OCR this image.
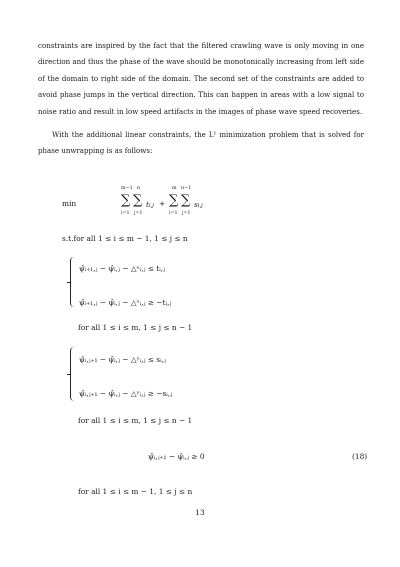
constraints are inspired by the fact that the filtered crawling wave is only moving in one
direction and thus the phase of the wave should be monotonically increasing from left side
of the domain to right side of the domain. The second set of the constraints are added to
avoid phase jumps in the vertical direction. This can happen in areas with a low signal to
noise ratio and result in low speed artifacts in the images of phase wave speed recoveries.
With the additional linear constraints, the L¹ minimization problem that is solved for
phase unwrapping is as follows:
min
m−1
∑
i=1
n
∑
j=1
ti,j +
m
∑
i=1
n−1
∑
j=1
si,j
s.t.for all 1 ≤ i ≤ m − 1, 1 ≤ j ≤ n
ψ̂ᵢ₊₁,ⱼ − ψ̂ᵢ,ⱼ − △ˣᵢ,ⱼ ≤ tᵢ,ⱼ
ψ̂ᵢ₊₁,ⱼ − ψ̂ᵢ,ⱼ − △ˣᵢ,ⱼ ≥ −tᵢ,ⱼ
for all 1 ≤ i ≤ m, 1 ≤ j ≤ n − 1
ψ̂ᵢ,ⱼ₊₁ − ψ̂ᵢ,ⱼ − △ʸᵢ,ⱼ ≤ sᵢ,ⱼ
ψ̂ᵢ,ⱼ₊₁ − ψ̂ᵢ,ⱼ − △ʸᵢ,ⱼ ≥ −sᵢ,ⱼ
for all 1 ≤ i ≤ m, 1 ≤ j ≤ n − 1
ψ̂ᵢ,ⱼ₊₁ − ψ̂ᵢ,ⱼ ≥ 0	(18)
for all 1 ≤ i ≤ m − 1, 1 ≤ j ≤ n
13
